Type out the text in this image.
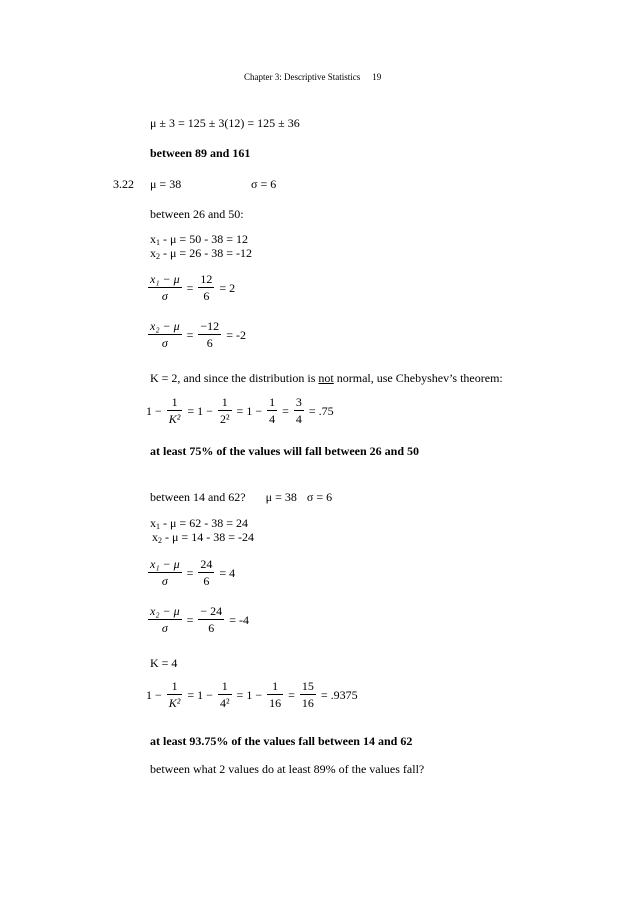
Chapter 3: Descriptive Statistics 19
μ ± 3 = 125 ± 3(12) = 125 ± 36
between 89 and 161
3.22 μ = 38	σ = 6
between 26 and 50:
$x_1 - \mu = 50 - 38 = 12$
$x_2 - \mu = 26 - 38 = -12$
$\frac{\text{x₁ − μ}}{\sigma} = \frac{12}{6} = 2$
$\frac{\text{x₂ − μ}}{\sigma} = \frac{-12}{6} = -2$
K = 2, and since the distribution is not normal, use Chebyshev’s theorem:
$1 - \frac{1}{\text{K²}} = 1 - \frac{1}{\text{2²}} = 1 - \frac{1}{4} = \frac{3}{4} = .75$
at least 75% of the values will fall between 26 and 50
between 14 and 62? μ = 38 σ = 6
$x_1 - \mu = 62 - 38 = 24$
$x_2 - \mu = 14 - 38 = -24$
$\frac{\text{x₁ − μ}}{\sigma} = \frac{24}{6} = 4$
$\frac{\text{x₂ − μ}}{\sigma} = \frac{- 24}{6} = -4$
K = 4
$1 - \frac{1}{\text{K²}} = 1 - \frac{1}{\text{4²}} = 1 - \frac{1}{16} = \frac{15}{16} = .9375$
at least 93.75% of the values fall between 14 and 62
between what 2 values do at least 89% of the values fall?
